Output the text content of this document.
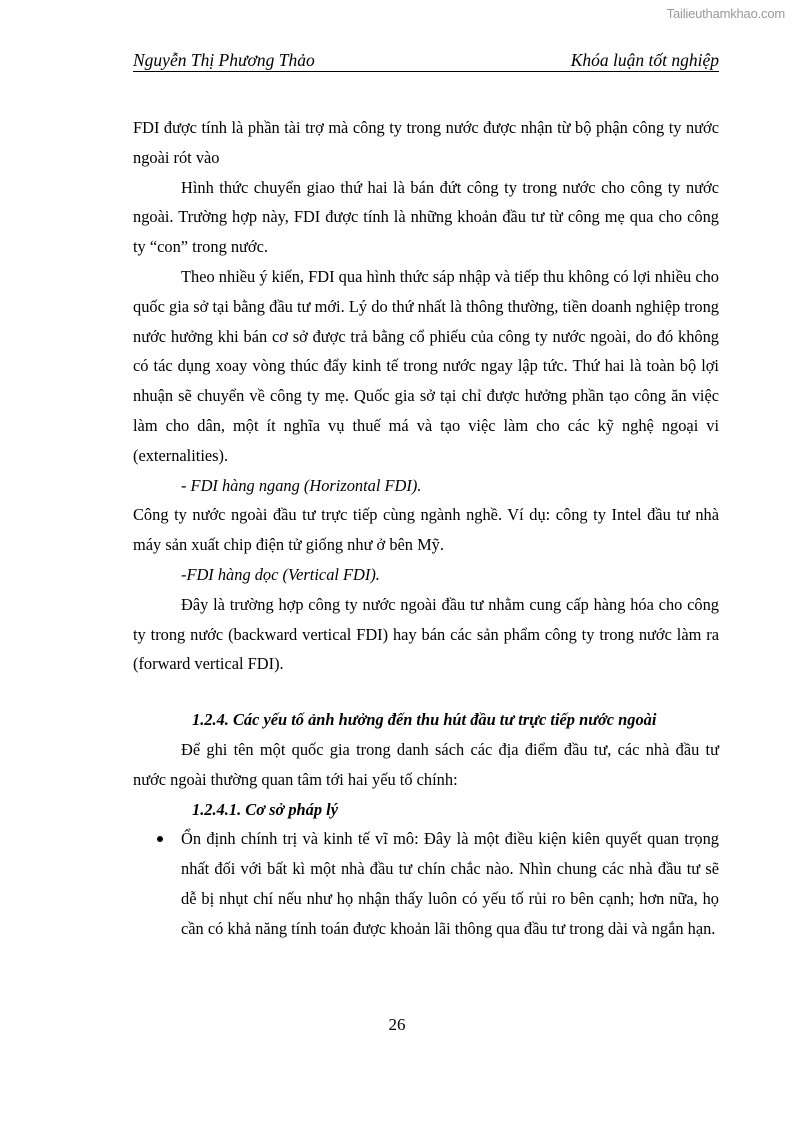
Tailieuthamkhao.com
Nguyễn Thị Phương Thảo	Khóa luận tốt nghiệp

FDI được tính là phần tài trợ mà công ty trong nước được nhận từ bộ phận công ty nước ngoài rót vào

Hình thức chuyển giao thứ hai là bán đứt công ty trong nước cho công ty nước ngoài. Trường hợp này, FDI được tính là những khoản đầu tư từ công mẹ qua cho công ty “con” trong nước.

Theo nhiều ý kiến, FDI qua hình thức sáp nhập và tiếp thu không có lợi nhiều cho quốc gia sở tại bằng đầu tư mới. Lý do thứ nhất là thông thường, tiền doanh nghiệp trong nước hưởng khi bán cơ sở được trả bằng cổ phiếu của công ty nước ngoài, do đó không có tác dụng xoay vòng thúc đẩy kinh tế trong nước ngay lập tức. Thứ hai là toàn bộ lợi nhuận sẽ chuyển về công ty mẹ. Quốc gia sở tại chỉ được hưởng phần tạo công ăn việc làm cho dân, một ít nghĩa vụ thuế má và tạo việc làm cho các kỹ nghệ ngoại vi (externalities).

- FDI hàng ngang (Horizontal FDI).

Công ty nước ngoài đầu tư trực tiếp cùng ngành nghề. Ví dụ: công ty Intel đầu tư nhà máy sản xuất chip điện tử giống như ở bên Mỹ.

-FDI hàng dọc (Vertical FDI).

Đây là trường hợp công ty nước ngoài đầu tư nhằm cung cấp hàng hóa cho công ty trong nước (backward vertical FDI) hay bán các sản phẩm công ty trong nước làm ra (forward vertical FDI).

1.2.4. Các yếu tố ảnh hưởng đến thu hút đầu tư trực tiếp nước ngoài

Để ghi tên một quốc gia trong danh sách các địa điểm đầu tư, các nhà đầu tư nước ngoài thường quan tâm tới hai yếu tố chính:

1.2.4.1. Cơ sở pháp lý

Ổn định chính trị và kinh tế vĩ mô: Đây là một điều kiện kiên quyết quan trọng nhất đối với bất kì một nhà đầu tư chín chắc nào. Nhìn chung các nhà đầu tư sẽ dễ bị nhụt chí nếu như họ nhận thấy luôn có yếu tố rủi ro bên cạnh; hơn nữa, họ cần có khả năng tính toán được khoản lãi thông qua đầu tư trong dài và ngắn hạn.
26
